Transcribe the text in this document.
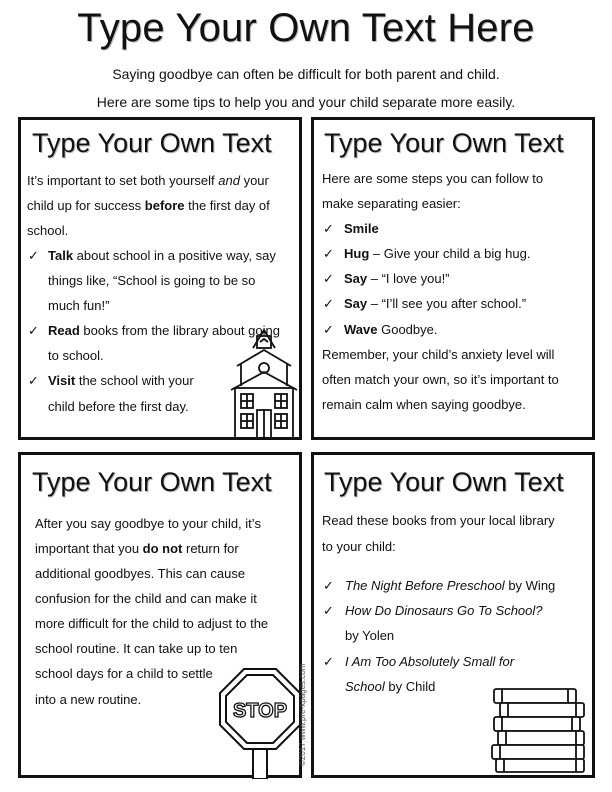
Type Your Own Text Here
Saying goodbye can often be difficult for both parent and child.
Here are some tips to help you and your child separate more easily.
Type Your Own Text
It’s important to set both yourself and your
child up for success before the first day of
school.
✓ Talk about school in a positive way, say
things like, “School is going to be so
much fun!”
✓ Read books from the library about going
to school.
✓ Visit the school with your
child before the first day.
Type Your Own Text
Here are some steps you can follow to
make separating easier:
✓ Smile
✓ Hug – Give your child a big hug.
✓ Say – “I love you!”
✓ Say – “I’ll see you after school.”
✓ Wave Goodbye.
Remember, your child’s anxiety level will
often match your own, so it’s important to
remain calm when saying goodbye.
Type Your Own Text
After you say goodbye to your child, it’s
important that you do not return for
additional goodbyes. This can cause
confusion for the child and can make it
more difficult for the child to adjust to the
school routine. It can take up to ten
school days for a child to settle
into a new routine.
STOP ©2017 www.pre-kpages.com
Type Your Own Text
Read these books from your local library
to your child:
✓ The Night Before Preschool by Wing
✓ How Do Dinosaurs Go To School?
by Yolen
✓ I Am Too Absolutely Small for
School by Child
